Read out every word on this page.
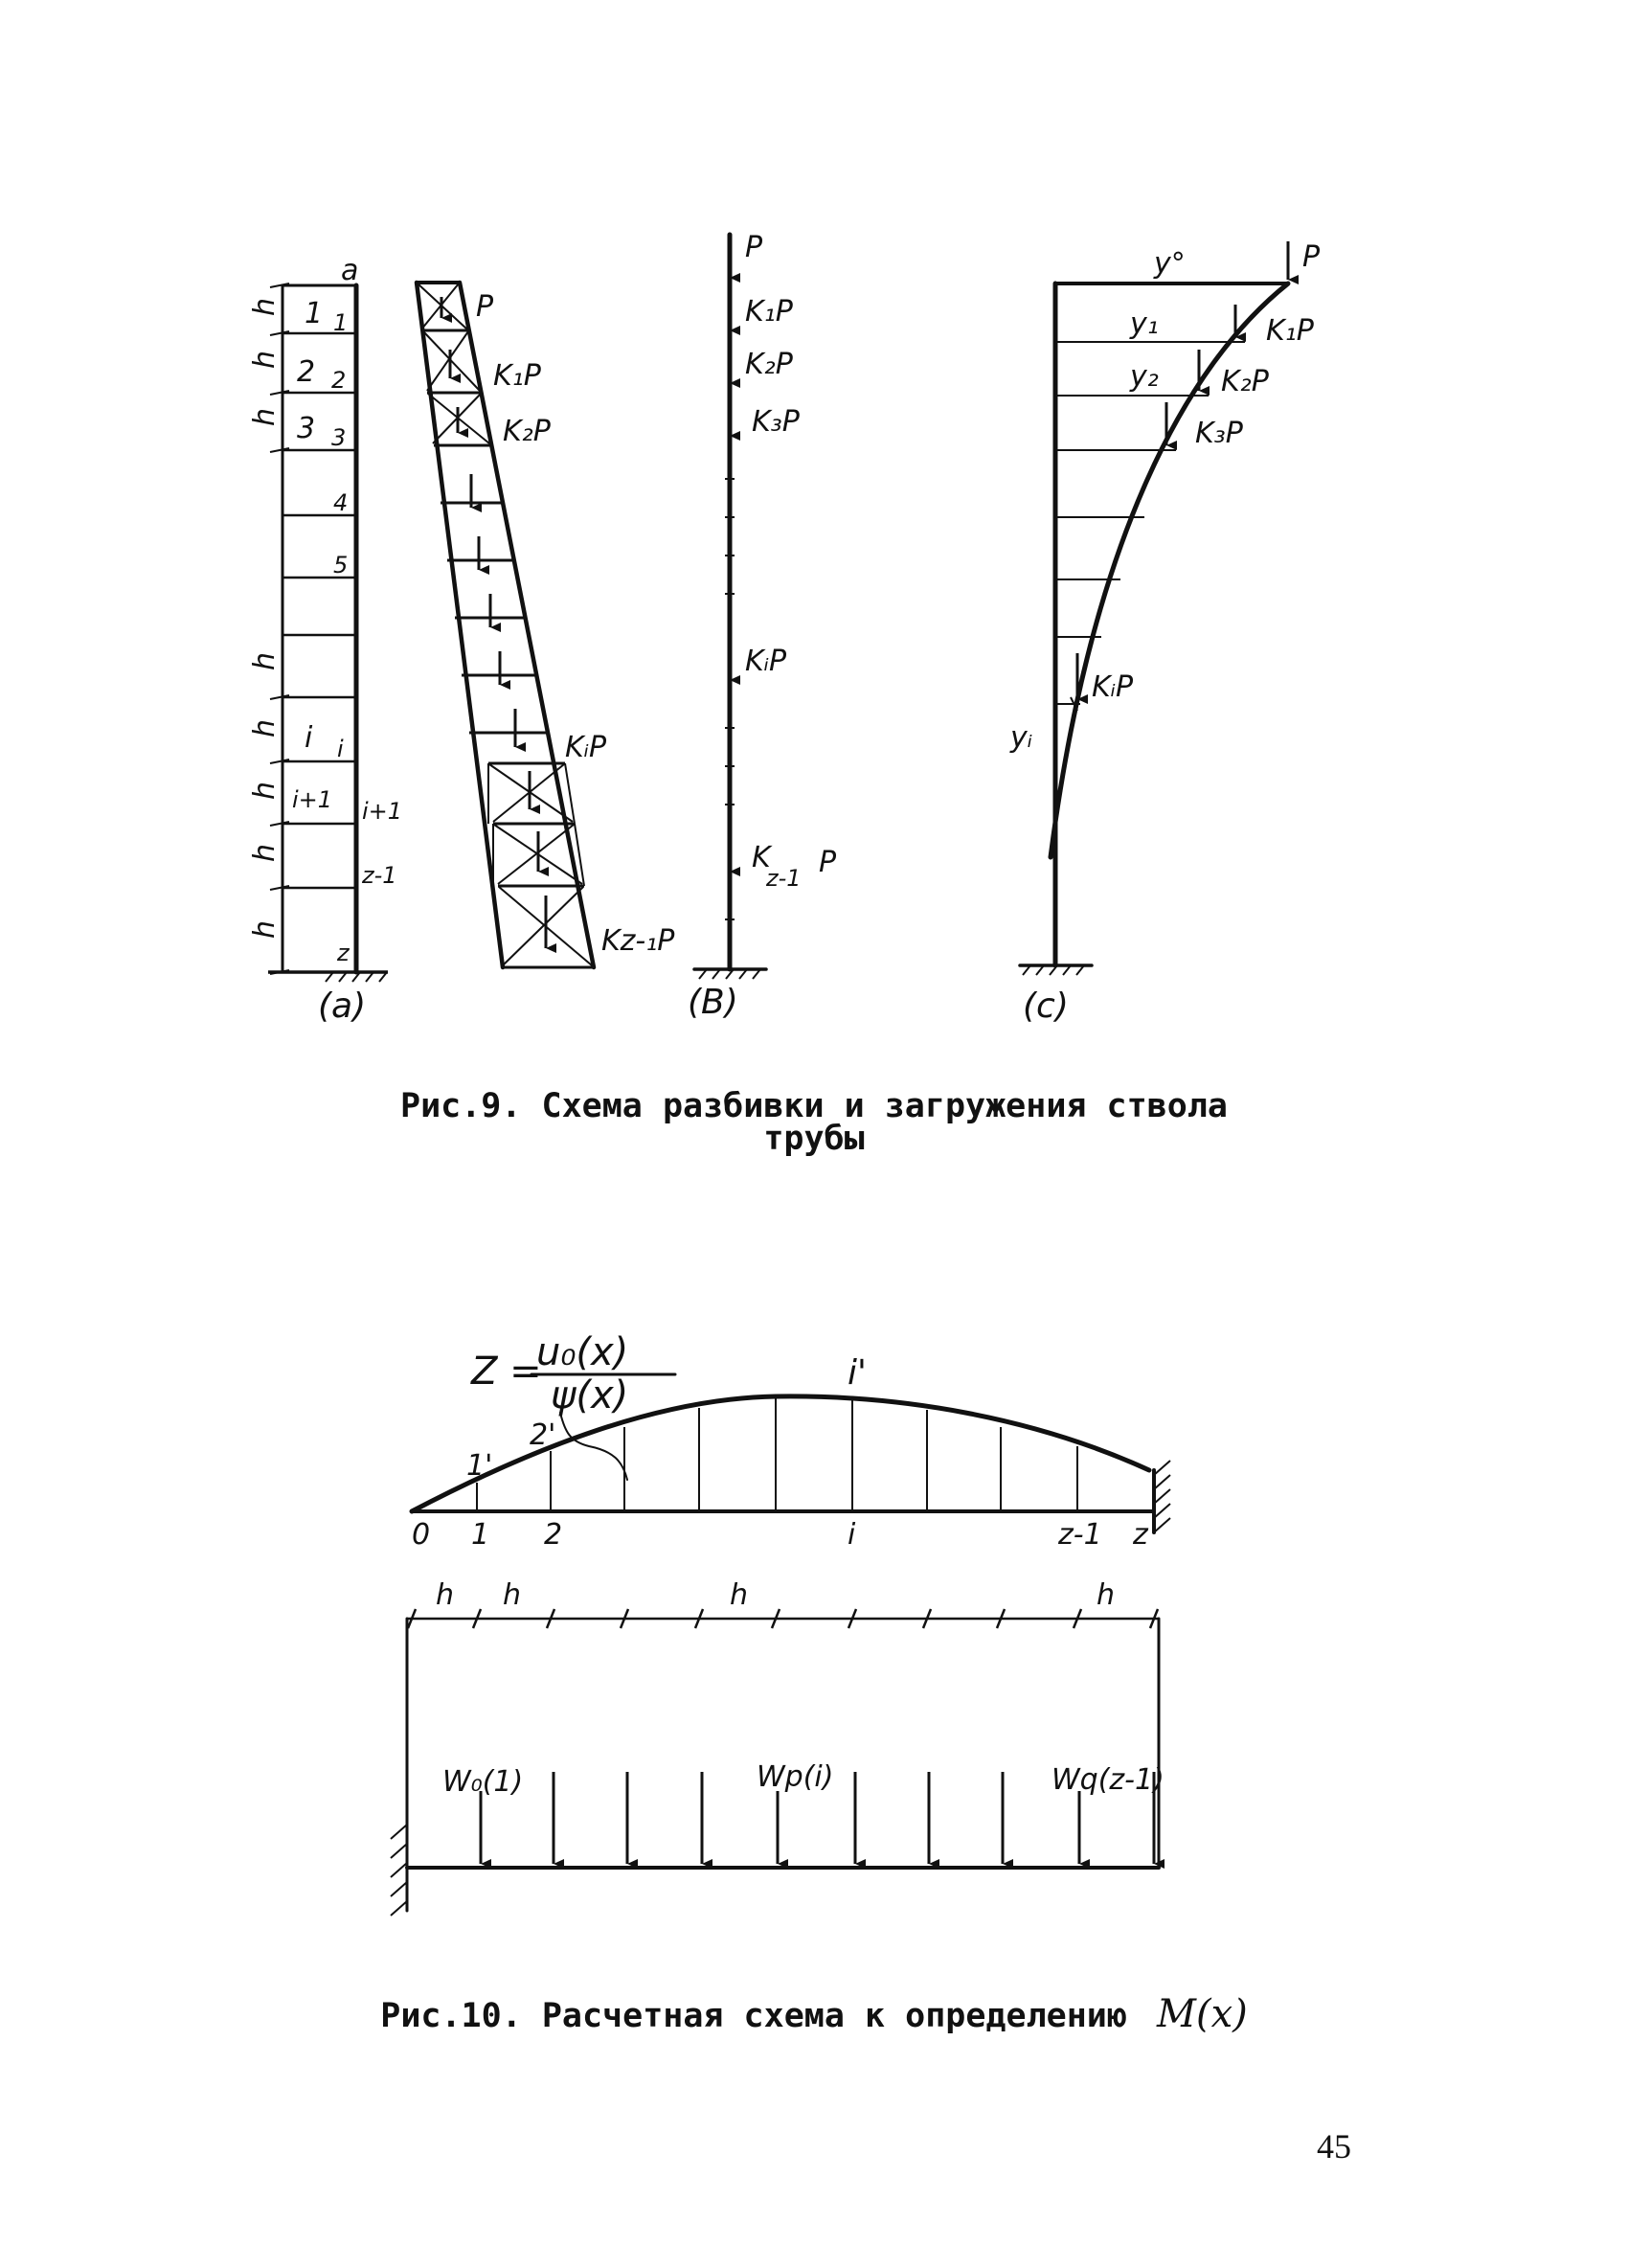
a
h
h
h
h
h
h
h
h
1
2
3
i
i+1
1
2
3
4
5
i
i+1
z-1
z
(a)
P
K₁P
K₂P
KᵢP
Kz-₁P
P
K₁P
K₂P
K₃P
KᵢP
K
z-1 P
(B)
y°	P
y₁	K₁P
y₂ K₂P
K₃P
KᵢP
yᵢ
(c)
Z =
u₀(x)
ψ(x)
1'
2'
i'
0 1 2	i	z-1 z
h h	h	h
W₀(1)	Wp(i)	Wq(z-1)
Рис.9. Схема разбивки и загружения ствола
трубы
Рис.10. Расчетная схема к определению M(x)
45
